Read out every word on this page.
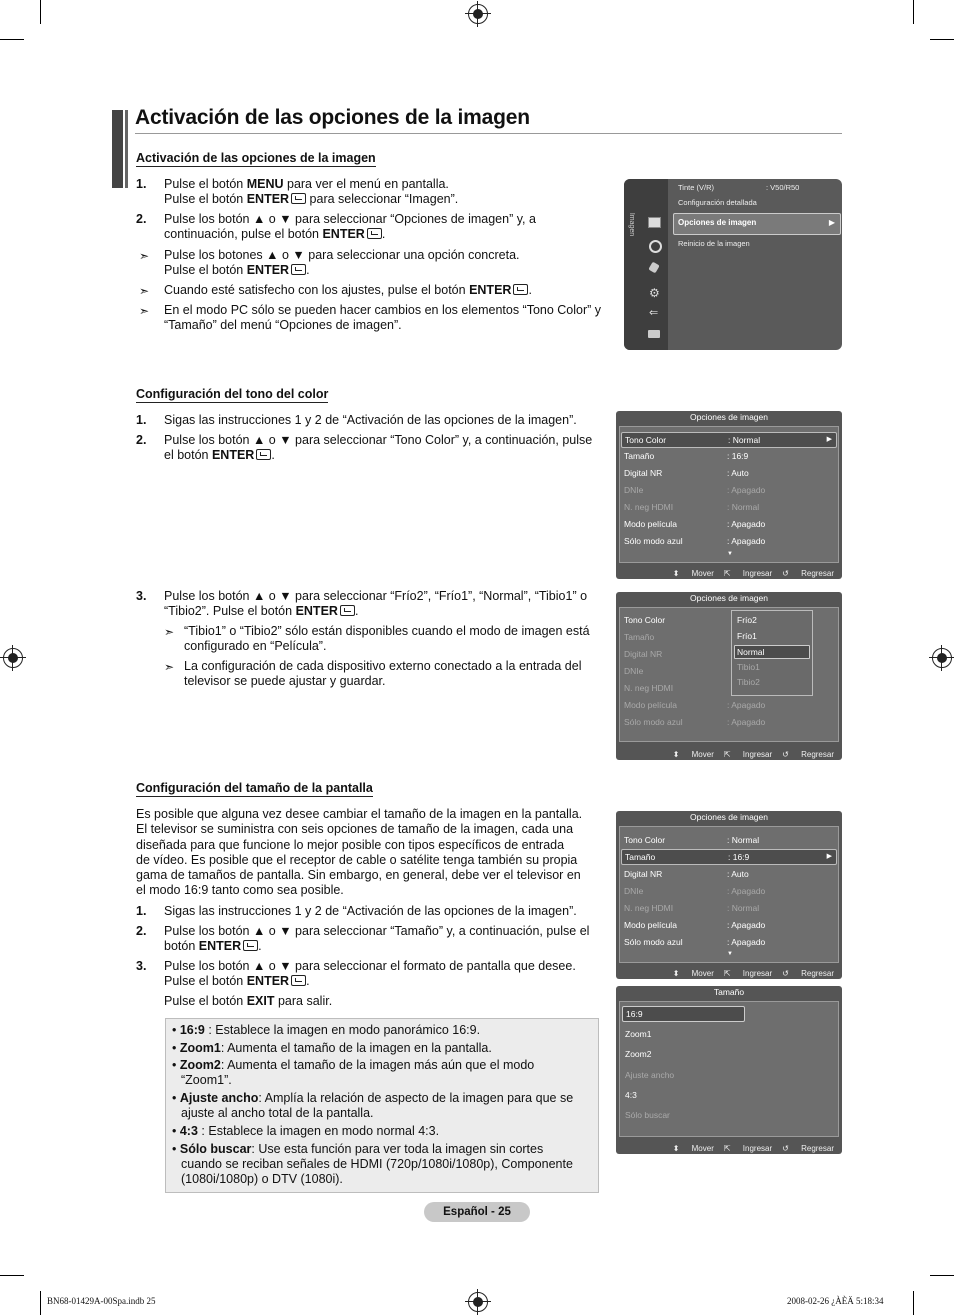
Activación de las opciones de la imagen
Activación de las opciones de la imagen
1. Pulse el botón MENU para ver el menú en pantalla.
Pulse el botón ENTER para seleccionar “Imagen”.
2. Pulse los botón ▲ o ▼ para seleccionar “Opciones de imagen” y, a
continuación, pulse el botón ENTER .
➣ Pulse los botones ▲ o ▼ para seleccionar una opción concreta.
Pulse el botón ENTER .
➣ Cuando esté satisfecho con los ajustes, pulse el botón ENTER .
➣ En el modo PC sólo se pueden hacer cambios en los elementos “Tono Color” y
“Tamaño” del menú “Opciones de imagen”.
Imagen
⚙
⇐
Tinte (V/R)	: V50/R50
Configuración detallada
Opciones de imagen	▶
Reinicio de la imagen
Configuración del tono del color
1. Sigas las instrucciones 1 y 2 de “Activación de las opciones de la imagen”.
2. Pulse los botón ▲ o ▼ para seleccionar “Tono Color” y, a continuación, pulse
el botón ENTER .
Opciones de imagen
Tono Color	: Normal	▶
Tamaño	: 16:9
Digital NR	: Auto
DNIe	: Apagado
N. neg HDMI	: Normal
Modo película	: Apagado
Sólo modo azul	: Apagado
▼
⬍ Mover ⇱ Ingresar ↺ Regresar
3. Pulse los botón ▲ o ▼ para seleccionar “Frío2”, “Frío1”, “Normal”, “Tibio1” o
“Tibio2”. Pulse el botón ENTER .
➣ “Tibio1” o “Tibio2” sólo están disponibles cuando el modo de imagen está
configurado en “Película”.
➣ La configuración de cada dispositivo externo conectado a la entrada del
televisor se puede ajustar y guardar.
Opciones de imagen
Tono Color
Tamaño
Digital NR
DNIe
N. neg HDMI
Modo película	: Apagado
Sólo modo azul	: Apagado
Frío2
Frío1
Normal
Tibio1
Tibio2
⬍ Mover ⇱ Ingresar ↺ Regresar
Configuración del tamaño de la pantalla
Es posible que alguna vez desee cambiar el tamaño de la imagen en la pantalla.
El televisor se suministra con seis opciones de tamaño de la imagen, cada una
diseñada para que funcione lo mejor posible con tipos específicos de entrada
de vídeo. Es posible que el receptor de cable o satélite tenga también su propia
gama de tamaños de pantalla. Sin embargo, en general, debe ver el televisor en
el modo 16:9 tanto como sea posible.
1. Sigas las instrucciones 1 y 2 de “Activación de las opciones de la imagen”.
2. Pulse los botón ▲ o ▼ para seleccionar “Tamaño” y, a continuación, pulse el
botón ENTER .
3. Pulse los botón ▲ o ▼ para seleccionar el formato de pantalla que desee.
Pulse el botón ENTER .
Pulse el botón EXIT para salir.
Opciones de imagen
Tono Color	: Normal
Tamaño	: 16:9	▶
Digital NR	: Auto
DNIe	: Apagado
N. neg HDMI	: Normal
Modo película	: Apagado
Sólo modo azul	: Apagado
▼
⬍ Mover ⇱ Ingresar ↺ Regresar
Tamaño
16:9
Zoom1
Zoom2
Ajuste ancho
4:3
Sólo buscar
⬍ Mover ⇱ Ingresar ↺ Regresar
• 16:9 : Establece la imagen en modo panorámico 16:9.
• Zoom1: Aumenta el tamaño de la imagen en la pantalla.
• Zoom2: Aumenta el tamaño de la imagen más aún que el modo
“Zoom1”.
• Ajuste ancho: Amplía la relación de aspecto de la imagen para que se
ajuste al ancho total de la pantalla.
• 4:3 : Establece la imagen en modo normal 4:3.
• Sólo buscar: Use esta función para ver toda la imagen sin cortes
cuando se reciban señales de HDMI (720p/1080i/1080p), Componente
(1080i/1080p) o DTV (1080i).
Español - 25
BN68-01429A-00Spa.indb 25	2008-02-26 ¿ÀÈÄ 5:18:34
